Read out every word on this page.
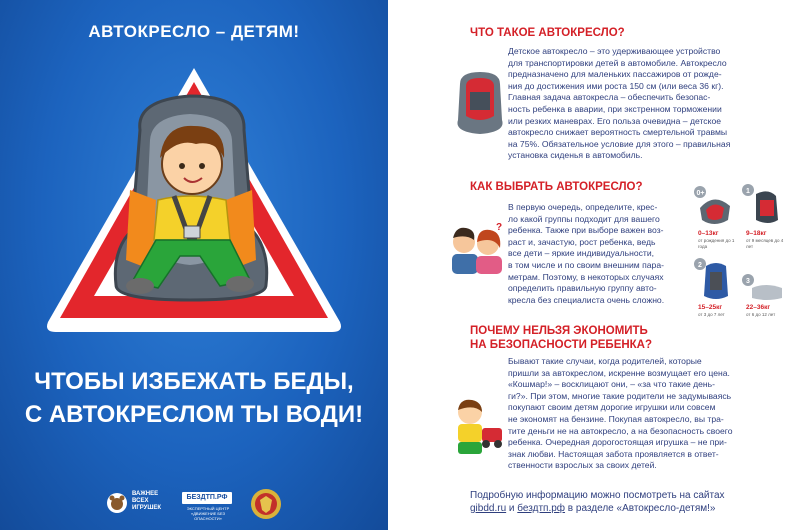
АВТОКРЕСЛО – ДЕТЯМ!
ЧТОБЫ ИЗБЕЖАТЬ БЕДЫ,
С АВТОКРЕСЛОМ ТЫ ВОДИ!
ВАЖНЕЕ
ВСЕХ
ИГРУШЕК
БЕЗДТП.РФ
ЭКСПЕРТНЫЙ ЦЕНТР «ДВИЖЕНИЕ БЕЗ ОПАСНОСТИ»
ЧТО ТАКОЕ АВТОКРЕСЛО?

Детское автокресло – это удерживающее устройство

для транспортировки детей в автомобиле. Автокресло

предназначено для маленьких пассажиров от рожде-

ния до достижения ими роста 150 см (или веса 36 кг).

Главная задача автокресла – обеспечить безопас-

ность ребенка в аварии, при экстренном торможении

или резких маневрах. Его польза очевидна – детское

автокресло снижает вероятность смертельной травмы

на 75%. Обязательное условие для этого – правильная

установка сиденья в автомобиль.

КАК ВЫБРАТЬ АВТОКРЕСЛО?
?

В первую очередь, определите, крес-

ло какой группы подходит для вашего

ребенка. Также при выборе важен воз-

раст и, зачастую, рост ребенка, ведь

все дети – яркие индивидуальности,

в том числе и по своим внешним пара-

метрам. Поэтому, в некоторых случаях

определить правильную группу авто-

кресла без специалиста очень сложно.

0+
0–13кг
от рождения до 1 года
1
9–18кг
от 9 месяцев до 4 лет
2
15–25кг
от 3 до 7 лет
3
22–36кг
от 6 до 12 лет
ПОЧЕМУ НЕЛЬЗЯ ЭКОНОМИТЬ
НА БЕЗОПАСНОСТИ РЕБЕНКА?

Бывают такие случаи, когда родителей, которые

пришли за автокреслом, искренне возмущает его цена.

«Кошмар!» – восклицают они, – «за что такие день-

ги?». При этом, многие такие родители не задумываясь

покупают своим детям дорогие игрушки или совсем

не экономят на бензине. Покупая автокресло, вы тра-

тите деньги не на автокресло, а на безопасность своего

ребенка. Очередная дорогостоящая игрушка – не при-

знак любви. Настоящая забота проявляется в ответ-

ственности взрослых за своих детей.

Подробную информацию можно посмотреть на сайтах
gibdd.ru и бездтп.рф в разделе «Автокресло-детям!»
